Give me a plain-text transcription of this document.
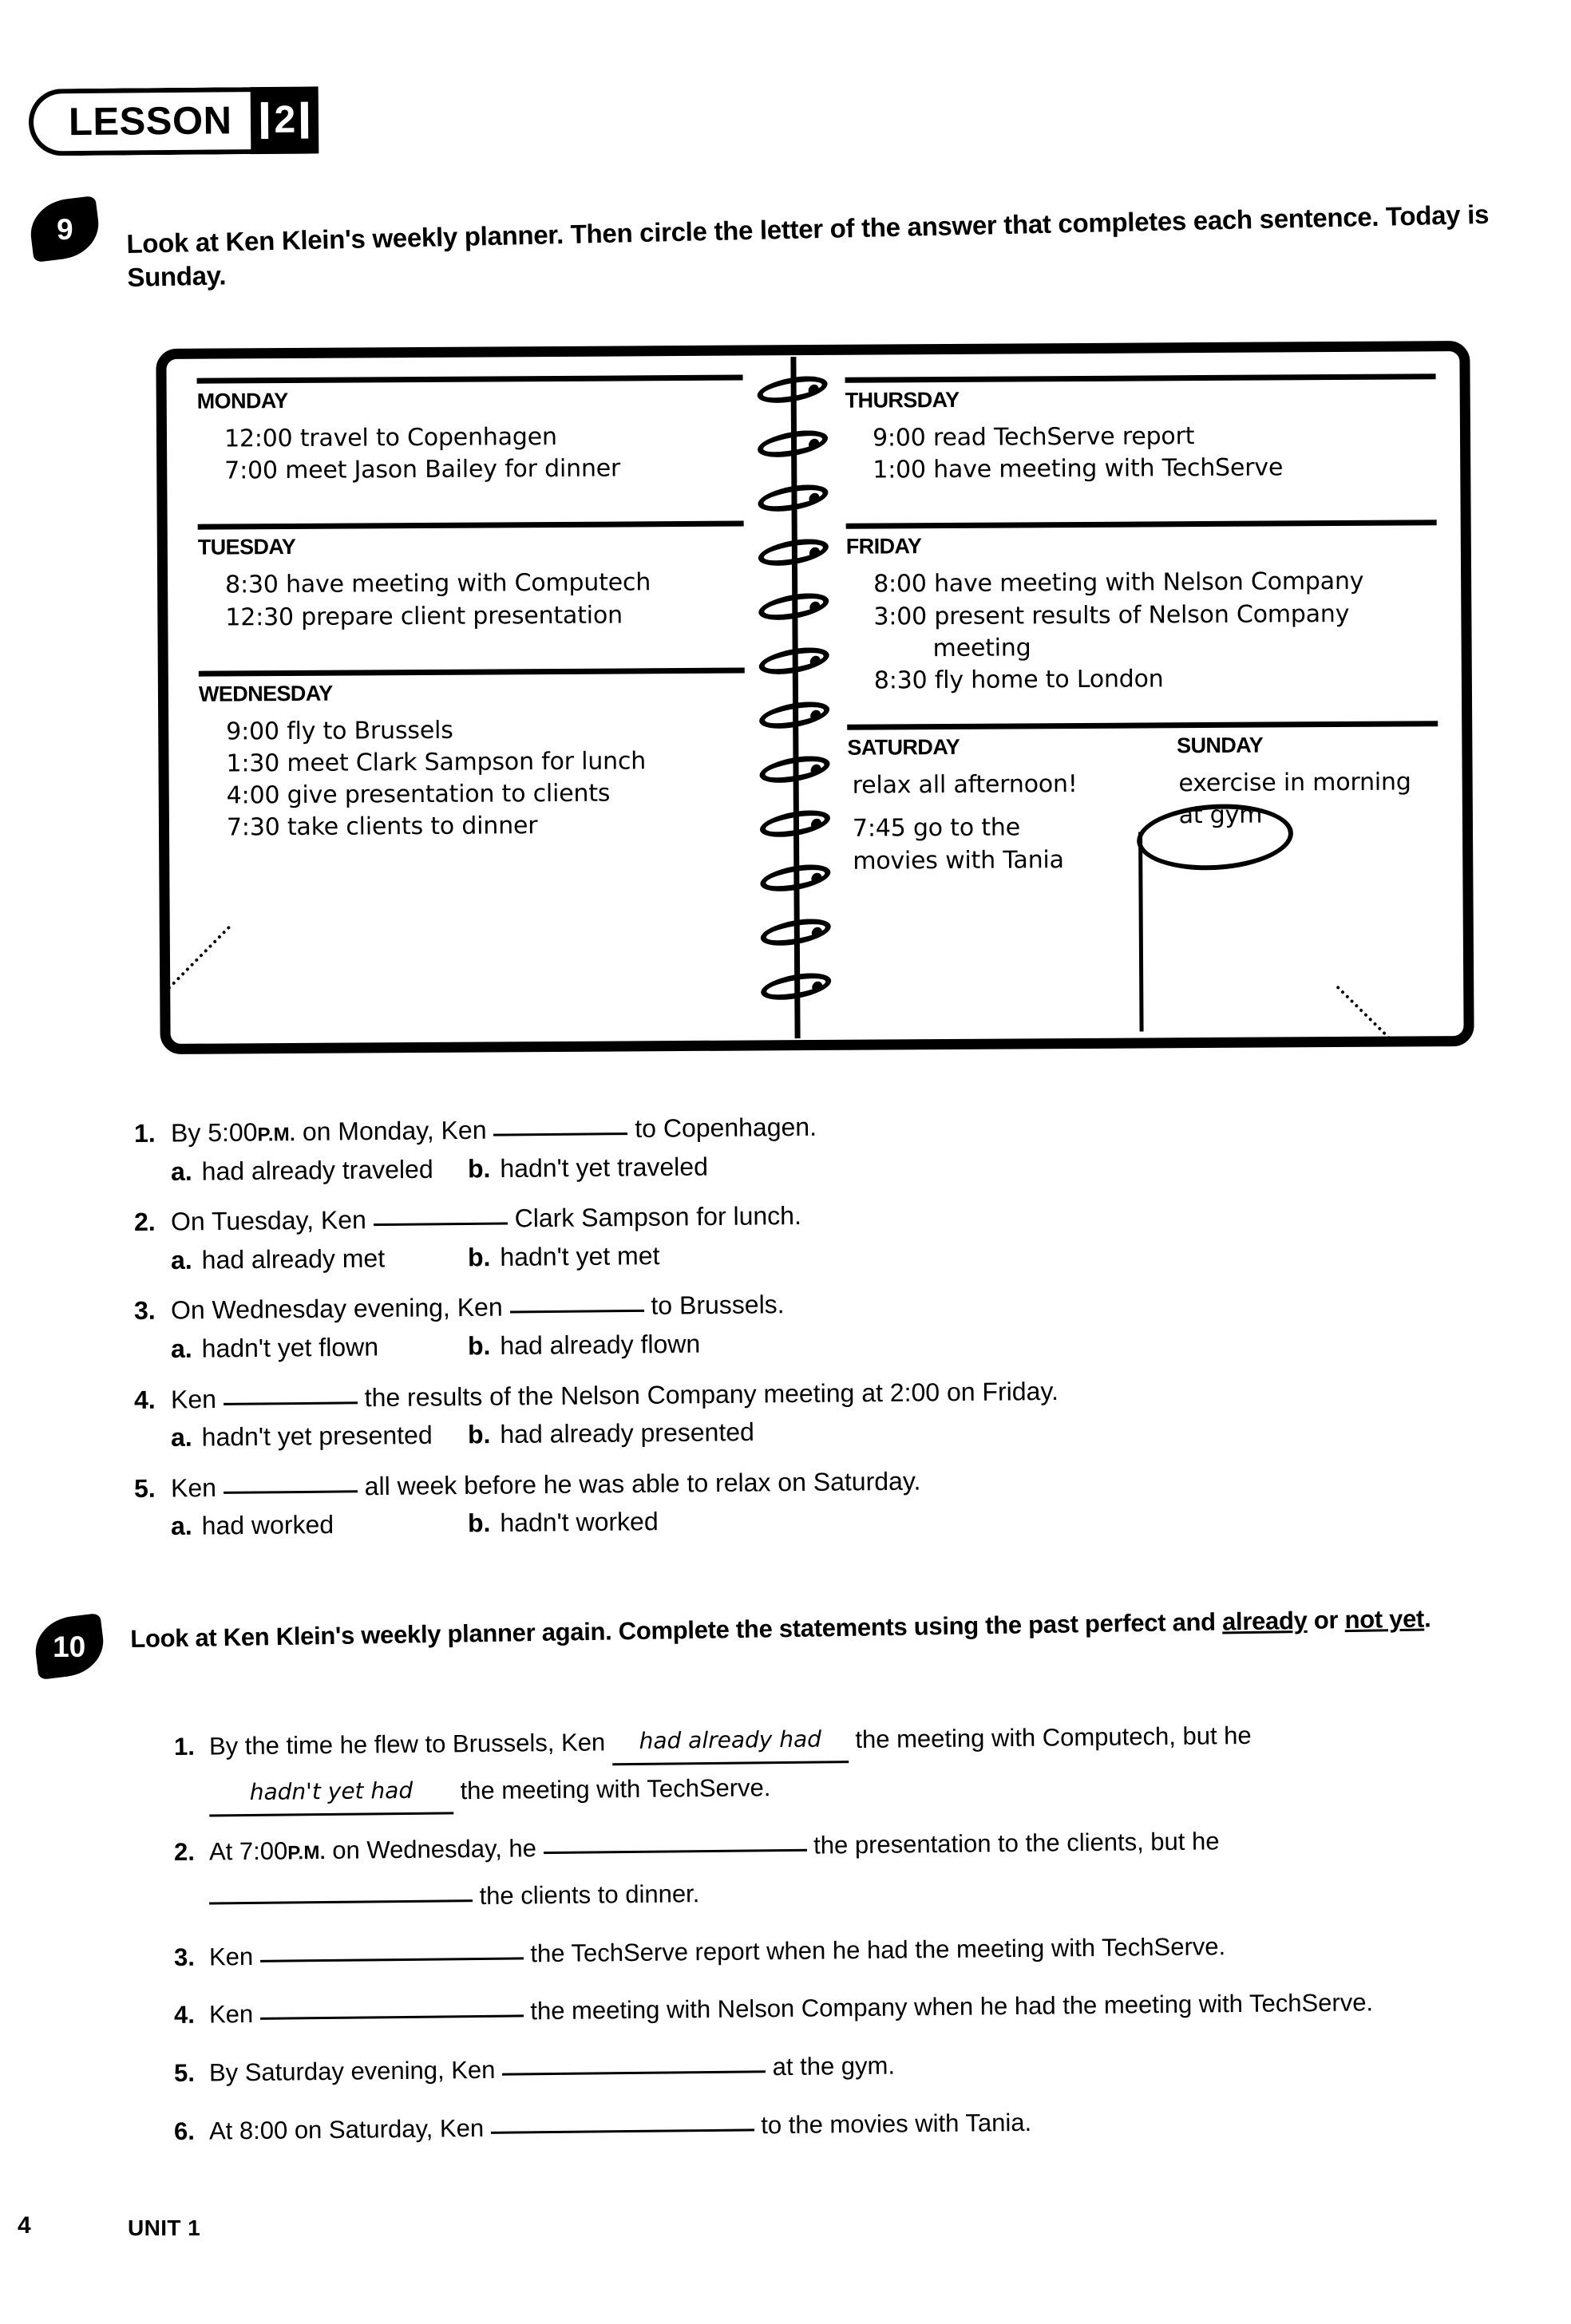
LESSON 2
9 Look at Ken Klein's weekly planner. Then circle the letter of the answer that completes each sentence. Today is Sunday.
MONDAY
12:00 travel to Copenhagen
7:00 meet Jason Bailey for dinner
TUESDAY
8:30 have meeting with Computech
12:30 prepare client presentation
WEDNESDAY
9:00 fly to Brussels
1:30 meet Clark Sampson for lunch
4:00 give presentation to clients
7:30 take clients to dinner
THURSDAY
9:00 read TechServe report
1:00 have meeting with TechServe
FRIDAY
8:00 have meeting with Nelson Company
3:00 present results of Nelson Company
meeting
8:30 fly home to London
SATURDAY
relax all afternoon!
7:45 go to the
movies with Tania
SUNDAY
exercise in morning
at gym
1. By 5:00P.M. on Monday, Ken	to Copenhagen.
a. had already traveled b. hadn't yet traveled
2. On Tuesday, Ken	Clark Sampson for lunch.
a. had already met	b. hadn't yet met
3. On Wednesday evening, Ken	to Brussels.
a. hadn't yet flown	b. had already flown
4. Ken	the results of the Nelson Company meeting at 2:00 on Friday.
a. hadn't yet presented b. had already presented
5. Ken	all week before he was able to relax on Saturday.
a. had worked	b. hadn't worked
10 Look at Ken Klein's weekly planner again. Complete the statements using the past perfect and already or not yet.
1. By the time he flew to Brussels, Ken had already had the meeting with Computech, but he
hadn't yet had the meeting with TechServe.
2. At 7:00P.M. on Wednesday, he	the presentation to the clients, but he
the clients to dinner.
3. Ken	the TechServe report when he had the meeting with TechServe.
4. Ken	the meeting with Nelson Company when he had the meeting with TechServe.
5. By Saturday evening, Ken	at the gym.
6. At 8:00 on Saturday, Ken	to the movies with Tania.
4	UNIT 1
